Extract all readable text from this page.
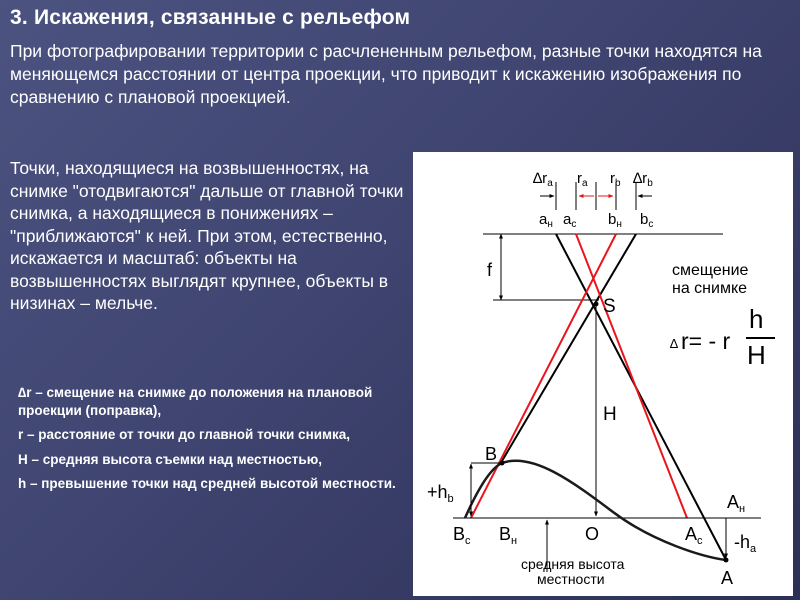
3. Искажения, связанные с рельефом
При фотографировании территории с расчлененным рельефом, разные точки находятся на меняющемся расстоянии от центра проекции, что приводит к искажению изображения по сравнению с плановой проекцией.
Точки, находящиеся на возвышенностях, на снимке "отодвигаются" дальше от главной точки снимка, а находящиеся в понижениях – "приближаются" к ней. При этом, естественно, искажается и масштаб: объекты на возвышенностях выглядят крупнее, объекты в низинах – мельче.

∆r – смещение на снимке до положения на плановой проекции (поправка),

r – расстояние от точки до главной точки снимка,

H – средняя высота съемки над местностью,

h – превышение точки над средней высотой местности.

$\Delta r_a$ $r_a$ $r_b$ $\Delta r_b$
$a_н$ $a_c$ $b_н$ $b_c$
f
S
H
смещение
на снимке
∆ r= - r
h
H
B
$+h_b$
$B_c$ $B_н$	O	$A_c$
$A_н$
$-h_a$
A
средняя высота
местности
